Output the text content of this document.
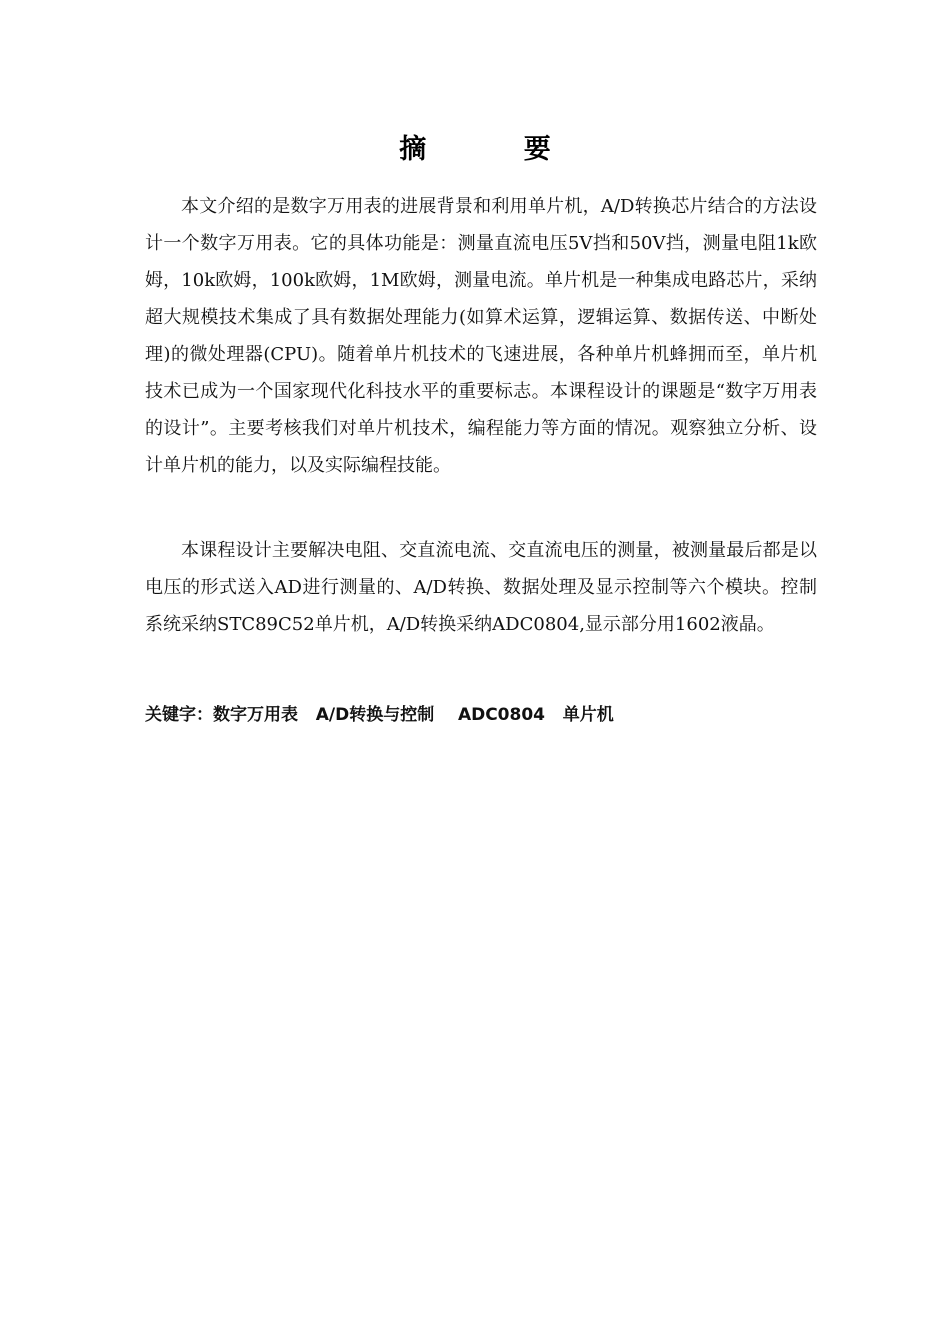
摘 要

本文介绍的是数字万用表的进展背景和利用单片机，A/D转换芯片结合的方法设计一个数字万用表。它的具体功能是：测量直流电压5V挡和50V挡，测量电阻1k欧姆，10k欧姆，100k欧姆，1M欧姆，测量电流。单片机是一种集成电路芯片，采纳超大规模技术集成了具有数据处理能力(如算术运算，逻辑运算、数据传送、中断处理)的微处理器(CPU)。随着单片机技术的飞速进展，各种单片机蜂拥而至，单片机技术已成为一个国家现代化科技水平的重要标志。本课程设计的课题是“数字万用表的设计”。主要考核我们对单片机技术，编程能力等方面的情况。观察独立分析、设计单片机的能力，以及实际编程技能。

本课程设计主要解决电阻、交直流电流、交直流电压的测量，被测量最后都是以电压的形式送入AD进行测量的、A/D转换、数据处理及显示控制等六个模块。控制系统采纳STC89C52单片机，A/D转换采纳ADC0804,显示部分用1602液晶。

关键字：数字万用表 A/D转换与控制 ADC0804 单片机
